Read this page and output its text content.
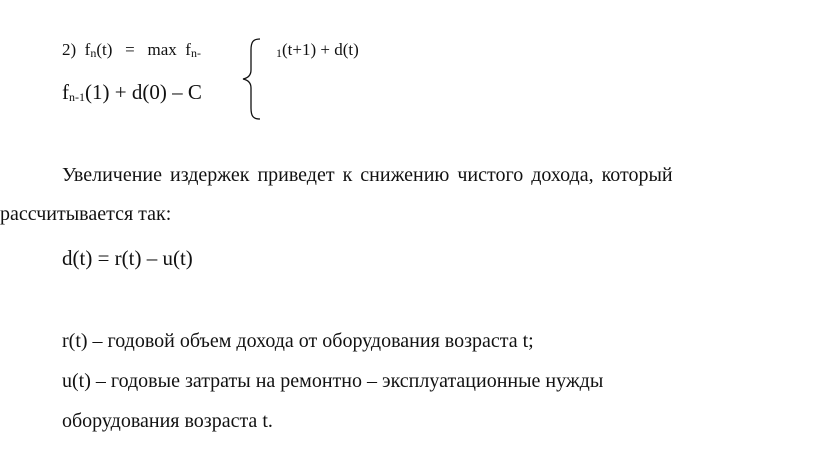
2) fn(t) = max fn-	1(t+1) + d(t)
fn-1(1) + d(0) – C
Увеличение издержек приведет к снижению чистого дохода, который
рассчитывается так:
d(t) = r(t) – u(t)
r(t) – годовой объем дохода от оборудования возраста t;
u(t) – годовые затраты на ремонтно – эксплуатационные нужды
оборудования возраста t.
